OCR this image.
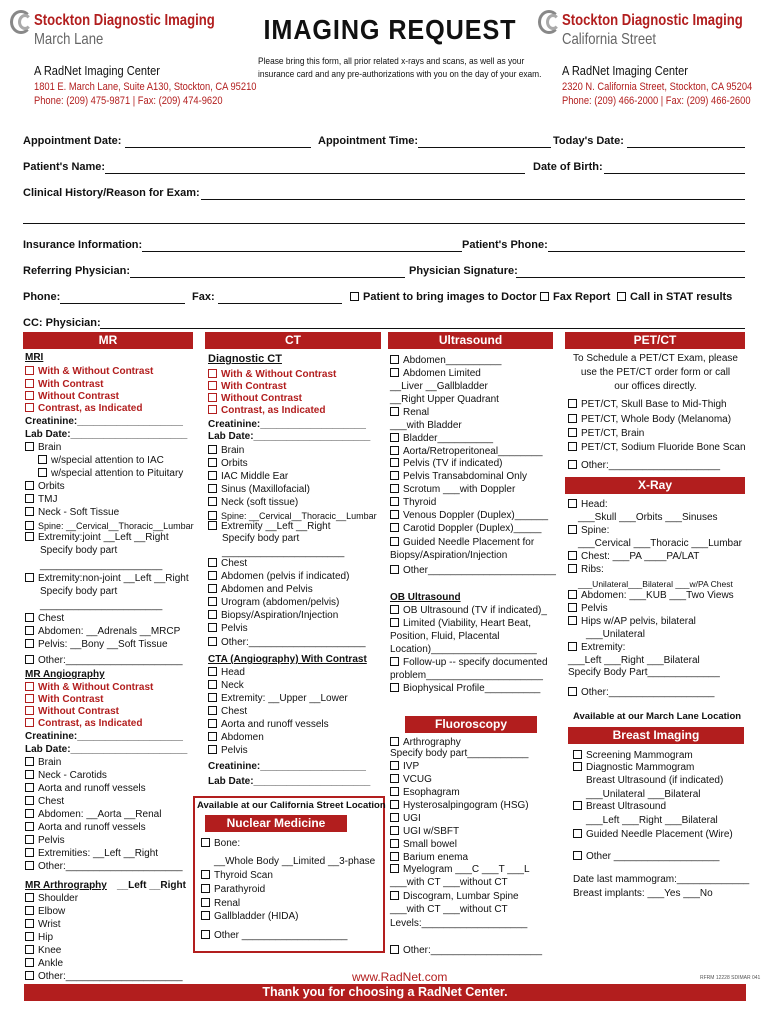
Stockton Diagnostic Imaging
March Lane
A RadNet Imaging Center
1801 E. March Lane, Suite A130, Stockton, CA 95210
Phone: (209) 475-9871 | Fax: (209) 474-9620
Stockton Diagnostic Imaging
California Street
A RadNet Imaging Center
2320 N. California Street, Stockton, CA 95204
Phone: (209) 466-2000 | Fax: (209) 466-2600
IMAGING REQUEST
Please bring this form, all prior related x-rays and scans, as well as your
insurance card and any pre-authorizations with you on the day of your exam.
Appointment Date:	Appointment Time:	Today's Date:
Patient's Name:	Date of Birth:
Clinical History/Reason for Exam:
Insurance Information:	Patient's Phone:
Referring Physician:	Physician Signature:
Phone:	Fax:	Patient to bring images to Doctor	Fax Report	Call in STAT results
CC: Physician:
MR	CT	Ultrasound	PET/CT
MRI
With & Without Contrast
With Contrast
Without Contrast
Contrast, as Indicated
Creatinine:___________________
Lab Date:_____________________
Brain
w/special attention to IAC
w/special attention to Pituitary
Orbits
TMJ
Neck - Soft Tissue
Spine: __Cervical__Thoracic__Lumbar
Extremity:joint __Left __Right
Specify body part
______________________
Extremity:non-joint __Left __Right
Specify body part
______________________
Chest
Abdomen: __Adrenals __MRCP
Pelvis: __Bony __Soft Tissue
Other:_____________________
MR Angiography
With & Without Contrast
With Contrast
Without Contrast
Contrast, as Indicated
Creatinine:___________________
Lab Date:_____________________
Brain
Neck - Carotids
Aorta and runoff vessels
Chest
Abdomen: __Aorta __Renal
Aorta and runoff vessels
Pelvis
Extremities: __Left __Right
Other:_____________________
MR Arthrography __Left __Right
Shoulder
Elbow
Wrist
Hip
Knee
Ankle
Other:_____________________
Diagnostic CT
With & Without Contrast
With Contrast
Without Contrast
Contrast, as Indicated
Creatinine:___________________
Lab Date:_____________________
Brain
Orbits
IAC Middle Ear
Sinus (Maxillofacial)
Neck (soft tissue)
Spine: __Cervical__Thoracic__Lumbar
Extremity __Left __Right
Specify body part
______________________
Chest
Abdomen (pelvis if indicated)
Abdomen and Pelvis
Urogram (abdomen/pelvis)
Biopsy/Aspiration/Injection
Pelvis
Other:_____________________
CTA (Angiography) With Contrast
Head
Neck
Extremity: __Upper __Lower
Chest
Aorta and runoff vessels
Abdomen
Pelvis
Creatinine:___________________
Lab Date:_____________________
Available at our California Street Location
Nuclear Medicine
Bone:
__Whole Body __Limited __3-phase
Thyroid Scan
Parathyroid
Renal
Gallbladder (HIDA)
Other ___________________
Abdomen__________
Abdomen Limited
__Liver __Gallbladder
__Right Upper Quadrant
Renal
___with Bladder
Bladder__________
Aorta/Retroperitoneal________
Pelvis (TV if indicated)
Pelvis Transabdominal Only
Scrotum ___with Doppler
Thyroid
Venous Doppler (Duplex)______
Carotid Doppler (Duplex)_____
Guided Needle Placement for
Biopsy/Aspiration/Injection
Other_______________________
OB Ultrasound
OB Ultrasound (TV if indicated)_
Limited (Viability, Heart Beat,
Position, Fluid, Placental
Location)___________________
Follow-up -- specify documented
problem_____________________
Biophysical Profile__________
Fluoroscopy
Arthrography
Specify body part___________
IVP
VCUG
Esophagram
Hysterosalpingogram (HSG)
UGI
UGI w/SBFT
Small bowel
Barium enema
Myelogram ___C ___T ___L
___with CT ___without CT
Discogram, Lumbar Spine
___with CT ___without CT
Levels:___________________
Other:____________________
To Schedule a PET/CT Exam, please
use the PET/CT order form or call
our offices directly.
PET/CT, Skull Base to Mid-Thigh
PET/CT, Whole Body (Melanoma)
PET/CT, Brain
PET/CT, Sodium Fluoride Bone Scan
Other:____________________
X-Ray
Head:
___Skull ___Orbits ___Sinuses
Spine:
___Cervical ___Thoracic ___Lumbar
Chest: ___PA ____PA/LAT
Ribs:
___Unilateral___Bilateral ___w/PA Chest
Abdomen: ___KUB ___Two Views
Pelvis
Hips w/AP pelvis, bilateral
___Unilateral
Extremity:
___Left ___Right ___Bilateral
Specify Body Part_____________
Other:___________________
Available at our March Lane Location
Breast Imaging
Screening Mammogram
Diagnostic Mammogram
Breast Ultrasound (if indicated)
___Unilateral ___Bilateral
Breast Ultrasound
___Left ___Right ___Bilateral
Guided Needle Placement (Wire)
Other ___________________
Date last mammogram:_____________
Breast implants: ___Yes ___No
www.RadNet.com	RFRM 12228 SDIMAR 041
Thank you for choosing a RadNet Center.
